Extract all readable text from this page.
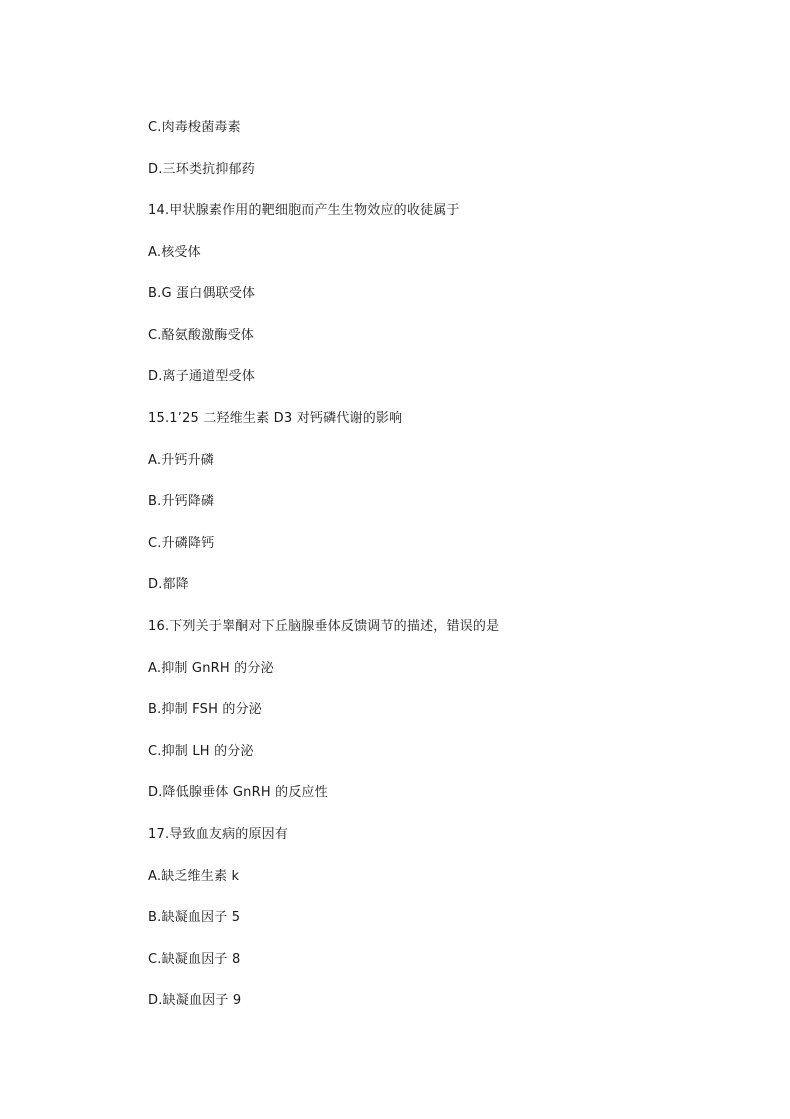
C.肉毒梭菌毒素
D.三环类抗抑郁药
14.甲状腺素作用的靶细胞而产生生物效应的收徒属于
A.核受体
B.G 蛋白偶联受体
C.酪氨酸激酶受体
D.离子通道型受体
15.1’25 二羟维生素 D3 对钙磷代谢的影响
A.升钙升磷
B.升钙降磷
C.升磷降钙
D.都降
16.下列关于睾酮对下丘脑腺垂体反馈调节的描述，错误的是
A.抑制 GnRH 的分泌
B.抑制 FSH 的分泌
C.抑制 LH 的分泌
D.降低腺垂体 GnRH 的反应性
17.导致血友病的原因有
A.缺乏维生素 k
B.缺凝血因子 5
C.缺凝血因子 8
D.缺凝血因子 9
